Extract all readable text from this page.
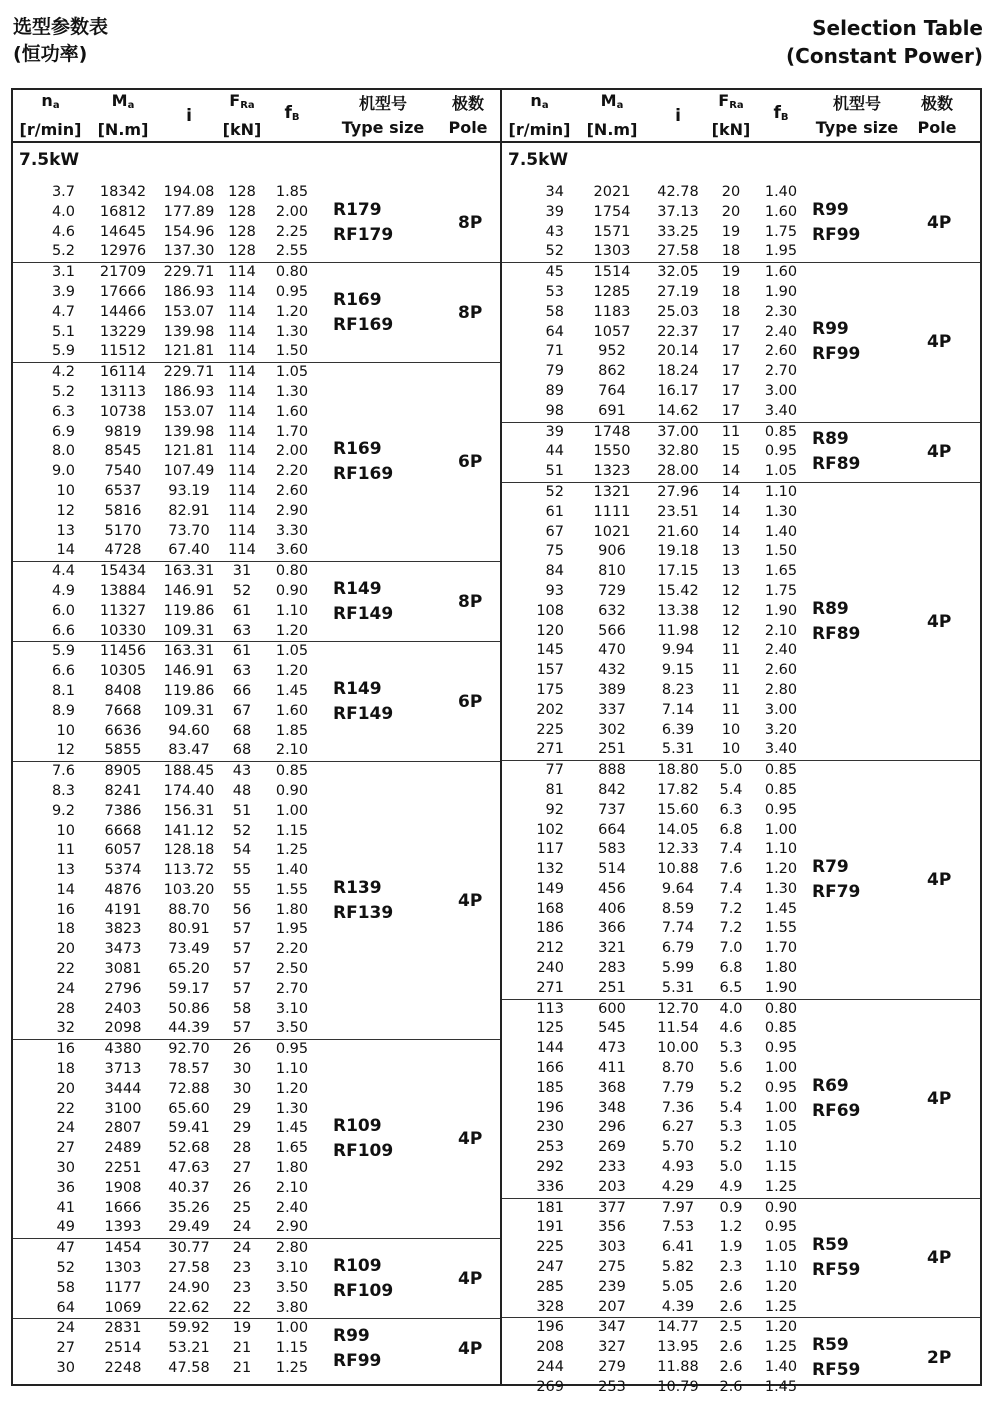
选型参数表
(恒功率)
Selection Table
(Constant Power)
$n_a$
[r/min]
$M_a$
[N.m]
i
$F_{Ra}$
[kN]
$f_B$
机型号
Type size
极数
Pole
7.5kW
3.7	18342	194.08 128	1.85
4.0	16812	177.89 128	2.00
4.6	14645	154.96 128	2.25
5.2	12976	137.30 128	2.55
R179
RF179
8P
3.1	21709	229.71 114	0.80
3.9	17666	186.93 114	0.95
4.7	14466	153.07 114	1.20
5.1	13229	139.98 114	1.30
5.9	11512	121.81 114	1.50
R169
RF169
8P
4.2	16114	229.71 114	1.05
5.2	13113	186.93 114	1.30
6.3	10738	153.07 114	1.60
6.9	9819	139.98 114	1.70
8.0	8545	121.81 114	2.00
9.0	7540	107.49 114	2.20
10	6537	93.19	114	2.60
12	5816	82.91	114	2.90
13	5170	73.70	114	3.30
14	4728	67.40	114	3.60
R169
RF169
6P
4.4	15434	163.31	31	0.80
4.9	13884	146.91	52	0.90
6.0	11327	119.86	61	1.10
6.6	10330	109.31	63	1.20
R149
RF149
8P
5.9	11456	163.31	61	1.05
6.6	10305	146.91	63	1.20
8.1	8408	119.86	66	1.45
8.9	7668	109.31	67	1.60
10	6636	94.60	68	1.85
12	5855	83.47	68	2.10
R149
RF149
6P
7.6	8905	188.45	43	0.85
8.3	8241	174.40	48	0.90
9.2	7386	156.31	51	1.00
10	6668	141.12	52	1.15
11	6057	128.18	54	1.25
13	5374	113.72	55	1.40
14	4876	103.20	55	1.55
16	4191	88.70	56	1.80
18	3823	80.91	57	1.95
20	3473	73.49	57	2.20
22	3081	65.20	57	2.50
24	2796	59.17	57	2.70
28	2403	50.86	58	3.10
32	2098	44.39	57	3.50
R139
RF139
4P
16	4380	92.70	26	0.95
18	3713	78.57	30	1.10
20	3444	72.88	30	1.20
22	3100	65.60	29	1.30
24	2807	59.41	29	1.45
27	2489	52.68	28	1.65
30	2251	47.63	27	1.80
36	1908	40.37	26	2.10
41	1666	35.26	25	2.40
49	1393	29.49	24	2.90
R109
RF109
4P
47	1454	30.77	24	2.80
52	1303	27.58	23	3.10
58	1177	24.90	23	3.50
64	1069	22.62	22	3.80
R109
RF109
4P
24	2831	59.92	19	1.00
27	2514	53.21	21	1.15
30	2248	47.58	21	1.25
R99
RF99
4P
$n_a$
[r/min]
$M_a$
[N.m]
i
$F_{Ra}$
[kN]
$f_B$
机型号
Type size
极数
Pole
7.5kW
34	2021	42.78	20	1.40
39	1754	37.13	20	1.60
43	1571	33.25	19	1.75
52	1303	27.58	18	1.95
R99
RF99
4P
45	1514	32.05	19	1.60
53	1285	27.19	18	1.90
58	1183	25.03	18	2.30
64	1057	22.37	17	2.40
71	952	20.14	17	2.60
79	862	18.24	17	2.70
89	764	16.17	17	3.00
98	691	14.62	17	3.40
R99
RF99
4P
39	1748	37.00	11	0.85
44	1550	32.80	15	0.95
51	1323	28.00	14	1.05
R89
RF89
4P
52	1321	27.96	14	1.10
61	1111	23.51	14	1.30
67	1021	21.60	14	1.40
75	906	19.18	13	1.50
84	810	17.15	13	1.65
93	729	15.42	12	1.75
108	632	13.38	12	1.90
120	566	11.98	12	2.10
145	470	9.94	11	2.40
157	432	9.15	11	2.60
175	389	8.23	11	2.80
202	337	7.14	11	3.00
225	302	6.39	10	3.20
271	251	5.31	10	3.40
R89
RF89
4P
77	888	18.80	5.0	0.85
81	842	17.82	5.4	0.85
92	737	15.60	6.3	0.95
102	664	14.05	6.8	1.00
117	583	12.33	7.4	1.10
132	514	10.88	7.6	1.20
149	456	9.64	7.4	1.30
168	406	8.59	7.2	1.45
186	366	7.74	7.2	1.55
212	321	6.79	7.0	1.70
240	283	5.99	6.8	1.80
271	251	5.31	6.5	1.90
R79
RF79
4P
113	600	12.70	4.0	0.80
125	545	11.54	4.6	0.85
144	473	10.00	5.3	0.95
166	411	8.70	5.6	1.00
185	368	7.79	5.2	0.95
196	348	7.36	5.4	1.00
230	296	6.27	5.3	1.05
253	269	5.70	5.2	1.10
292	233	4.93	5.0	1.15
336	203	4.29	4.9	1.25
R69
RF69
4P
181	377	7.97	0.9	0.90
191	356	7.53	1.2	0.95
225	303	6.41	1.9	1.05
247	275	5.82	2.3	1.10
285	239	5.05	2.6	1.20
328	207	4.39	2.6	1.25
R59
RF59
4P
196	347	14.77	2.5	1.20
208	327	13.95	2.6	1.25
244	279	11.88	2.6	1.40
269	253	10.79	2.6	1.45
R59
RF59
2P
